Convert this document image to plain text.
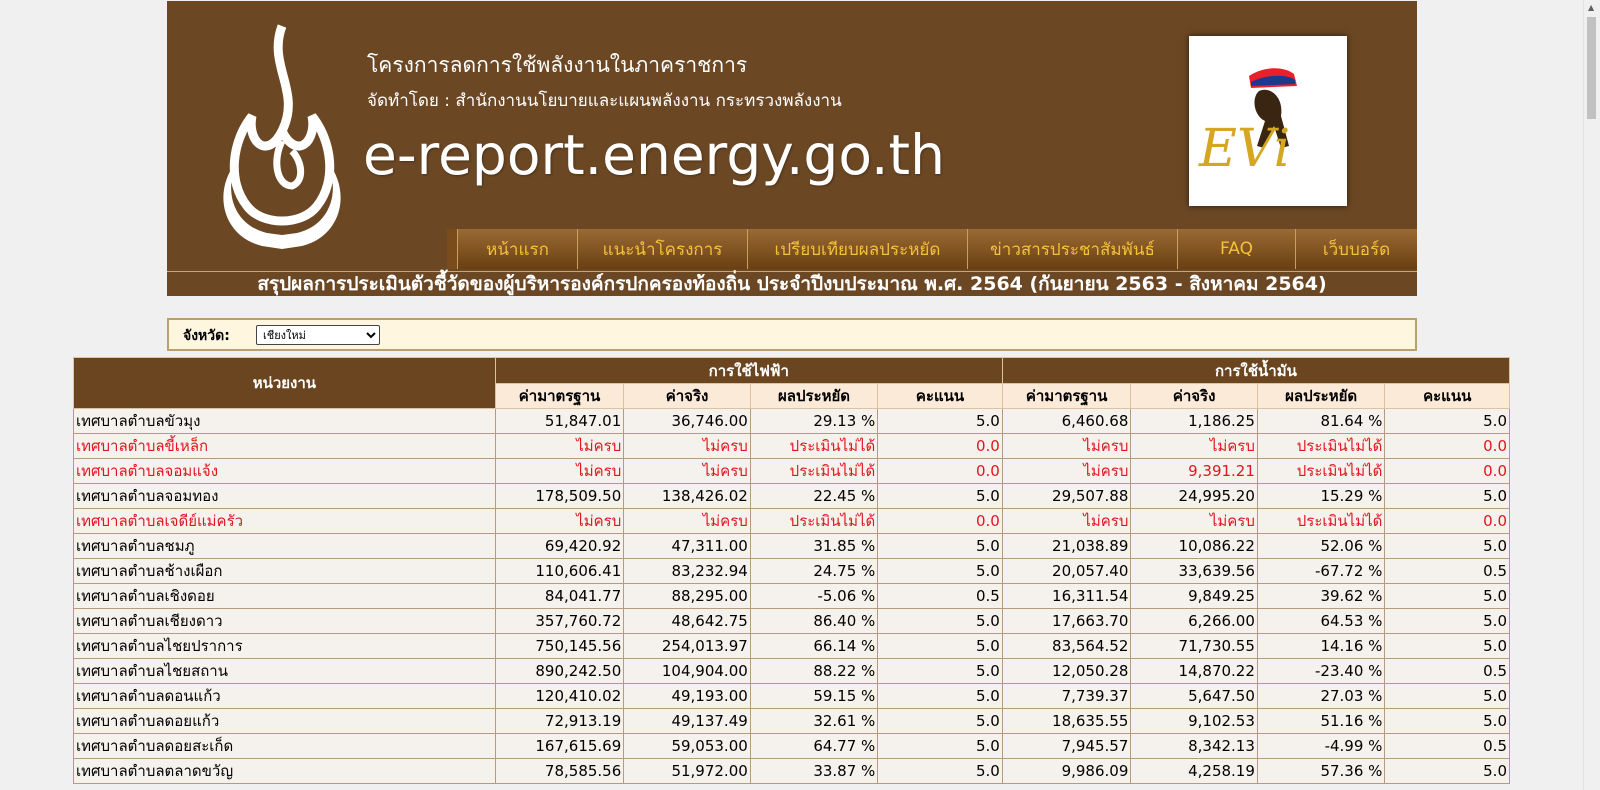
โครงการลดการใช้พลังงานในภาคราชการ
จัดทำโดย : สำนักงานนโยบายและแผนพลังงาน กระทรวงพลังงาน
e-report.energy.go.th	EVi
หน้าแรก	แนะนำโครงการ	เปรียบเทียบผลประหยัด	ข่าวสารประชาสัมพันธ์	FAQ	เว็บบอร์ด
สรุปผลการประเมินตัวชี้วัดของผู้บริหารองค์กรปกครองท้องถิ่น ประจำปีงบประมาณ พ.ศ. 2564 (กันยายน 2563 - สิงหาคม 2564)
จังหวัด:
เชียงใหม่
หน่วยงาน	การใช้ไฟฟ้า				การใช้น้ำมัน			
	ค่ามาตรฐาน	ค่าจริง	ผลประหยัด	คะแนน	ค่ามาตรฐาน	ค่าจริง	ผลประหยัด	คะแนน
เทศบาลตำบลขัวมุง	51,847.01	36,746.00	29.13 %	5.0	6,460.68	1,186.25	81.64 %	5.0
เทศบาลตำบลขี้เหล็ก	ไม่ครบ	ไม่ครบ	ประเมินไม่ได้	0.0	ไม่ครบ	ไม่ครบ	ประเมินไม่ได้	0.0
เทศบาลตำบลจอมแจ้ง	ไม่ครบ	ไม่ครบ	ประเมินไม่ได้	0.0	ไม่ครบ	9,391.21	ประเมินไม่ได้	0.0
เทศบาลตำบลจอมทอง	178,509.50	138,426.02	22.45 %	5.0	29,507.88	24,995.20	15.29 %	5.0
เทศบาลตำบลเจดีย์แม่ครัว	ไม่ครบ	ไม่ครบ	ประเมินไม่ได้	0.0	ไม่ครบ	ไม่ครบ	ประเมินไม่ได้	0.0
เทศบาลตำบลชมภู	69,420.92	47,311.00	31.85 %	5.0	21,038.89	10,086.22	52.06 %	5.0
เทศบาลตำบลช้างเผือก	110,606.41	83,232.94	24.75 %	5.0	20,057.40	33,639.56	-67.72 %	0.5
เทศบาลตำบลเชิงดอย	84,041.77	88,295.00	-5.06 %	0.5	16,311.54	9,849.25	39.62 %	5.0
เทศบาลตำบลเชียงดาว	357,760.72	48,642.75	86.40 %	5.0	17,663.70	6,266.00	64.53 %	5.0
เทศบาลตำบลไชยปราการ	750,145.56	254,013.97	66.14 %	5.0	83,564.52	71,730.55	14.16 %	5.0
เทศบาลตำบลไชยสถาน	890,242.50	104,904.00	88.22 %	5.0	12,050.28	14,870.22	-23.40 %	0.5
เทศบาลตำบลดอนแก้ว	120,410.02	49,193.00	59.15 %	5.0	7,739.37	5,647.50	27.03 %	5.0
เทศบาลตำบลดอยแก้ว	72,913.19	49,137.49	32.61 %	5.0	18,635.55	9,102.53	51.16 %	5.0
เทศบาลตำบลดอยสะเก็ด	167,615.69	59,053.00	64.77 %	5.0	7,945.57	8,342.13	-4.99 %	0.5
เทศบาลตำบลตลาดขวัญ	78,585.56	51,972.00	33.87 %	5.0	9,986.09	4,258.19	57.36 %	5.0
▲
